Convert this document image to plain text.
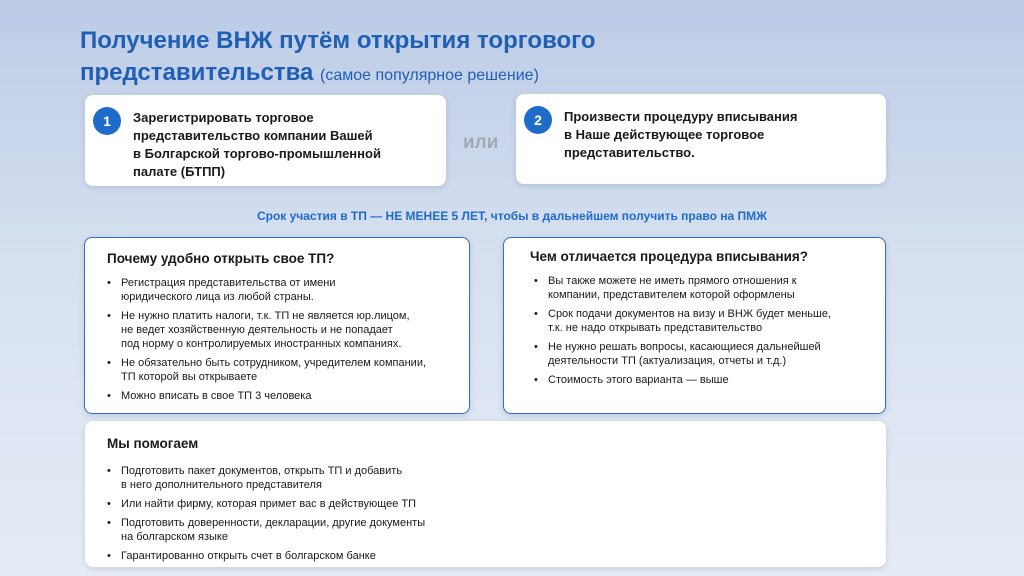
Получение ВНЖ путём открытия торгового
представительства (самое популярное решение)
1	Зарегистрировать торговое
представительство компании Вашей
в Болгарской торгово-промышленной
палате (БТПП)
или
2	Произвести процедуру вписывания
в Наше действующее торговое
представительство.
Срок участия в ТП — НЕ МЕНЕЕ 5 ЛЕТ, чтобы в дальнейшем получить право на ПМЖ
Почему удобно открыть свое ТП?
• Регистрация представительства от имени
юридического лица из любой страны.
• Не нужно платить налоги, т.к. ТП не является юр.лицом,
не ведет хозяйственную деятельность и не попадает
под норму о контролируемых иностранных компаниях.
• Не обязательно быть сотрудником, учредителем компании,
ТП которой вы открываете
• Можно вписать в свое ТП 3 человека
Чем отличается процедура вписывания?
• Вы также можете не иметь прямого отношения к
компании, представителем которой оформлены
• Срок подачи документов на визу и ВНЖ будет меньше,
т.к. не надо открывать представительство
• Не нужно решать вопросы, касающиеся дальнейшей
деятельности ТП (актуализация, отчеты и т.д.)
• Стоимость этого варианта — выше
Мы помогаем
• Подготовить пакет документов, открыть ТП и добавить
в него дополнительного представителя
• Или найти фирму, которая примет вас в действующее ТП
• Подготовить доверенности, декларации, другие документы
на болгарском языке
• Гарантированно открыть счет в болгарском банке
